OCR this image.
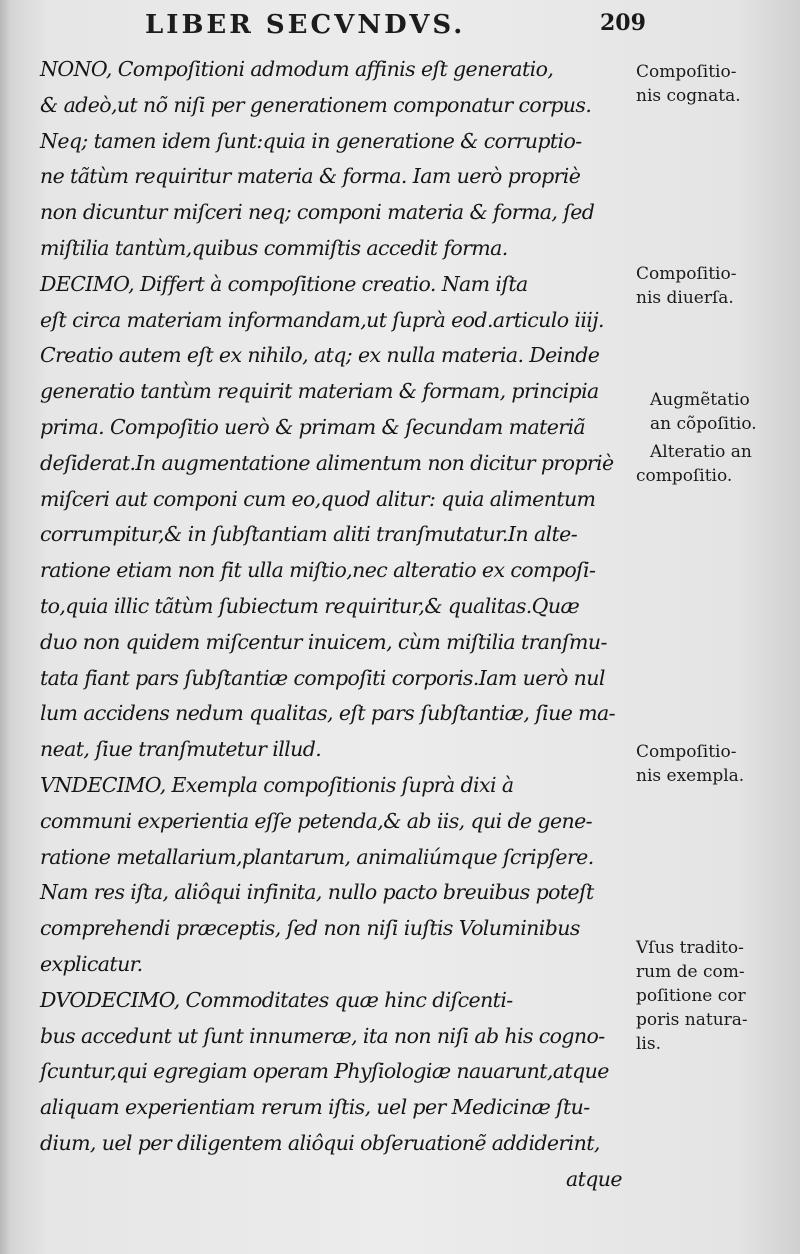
LIBER SECVNDVS.	209
NONO, Compoſitioni admodum affinis eſt generatio,
& adeò,ut nõ niſi per generationem componatur corpus.
Neq; tamen idem ſunt:quia in generatione & corruptio-
ne tãtùm requiritur materia & forma. Iam uerò propriè
non dicuntur miſceri neq; componi materia & forma, ſed
miſtilia tantùm,quibus commiſtis accedit forma.
DECIMO, Differt à compoſitione creatio. Nam iſta
eſt circa materiam informandam,ut ſuprà eod.articulo iiij.
Creatio autem eſt ex nihilo, atq; ex nulla materia. Deinde
generatio tantùm requirit materiam & formam, principia
prima. Compoſitio uerò & primam & ſecundam materiã
deſiderat.In augmentatione alimentum non dicitur propriè
miſceri aut componi cum eo,quod alitur: quia alimentum
corrumpitur,& in ſubſtantiam aliti tranſmutatur.In alte-
ratione etiam non fit ulla miſtio,nec alteratio ex compoſi-
to,quia illic tãtùm ſubiectum requiritur,& qualitas.Quæ
duo non quidem miſcentur inuicem, cùm miſtilia tranſmu-
tata fiant pars ſubſtantiæ compoſiti corporis.Iam uerò nul
lum accidens nedum qualitas, eſt pars ſubſtantiæ, ſiue ma-
neat, ſiue tranſmutetur illud.
VNDECIMO, Exempla compoſitionis ſuprà dixi à
communi experientia eſſe petenda,& ab iis, qui de gene-
ratione metallarium,plantarum, animaliúmque ſcripſere.
Nam res iſta, aliôqui infinita, nullo pacto breuibus poteſt
comprehendi præceptis, ſed non niſi iuſtis Voluminibus
explicatur.
DVODECIMO, Commoditates quæ hinc diſcenti-
bus accedunt ut ſunt innumeræ, ita non niſi ab his cogno-
ſcuntur,qui egregiam operam Phyſiologiæ nauarunt,atque
aliquam experientiam rerum iſtis, uel per Medicinæ ſtu-
dium, uel per diligentem aliôqui obſeruationẽ addiderint,
atque
Compoſitio-
nis cognata.
Compoſitio-
nis diuerſa.
Augmẽtatio
an cõpoſitio.
Alteratio an
compoſitio.
Compoſitio-
nis exempla.
Vſus tradito-
rum de com-
poſitione cor
poris natura-
lis.
